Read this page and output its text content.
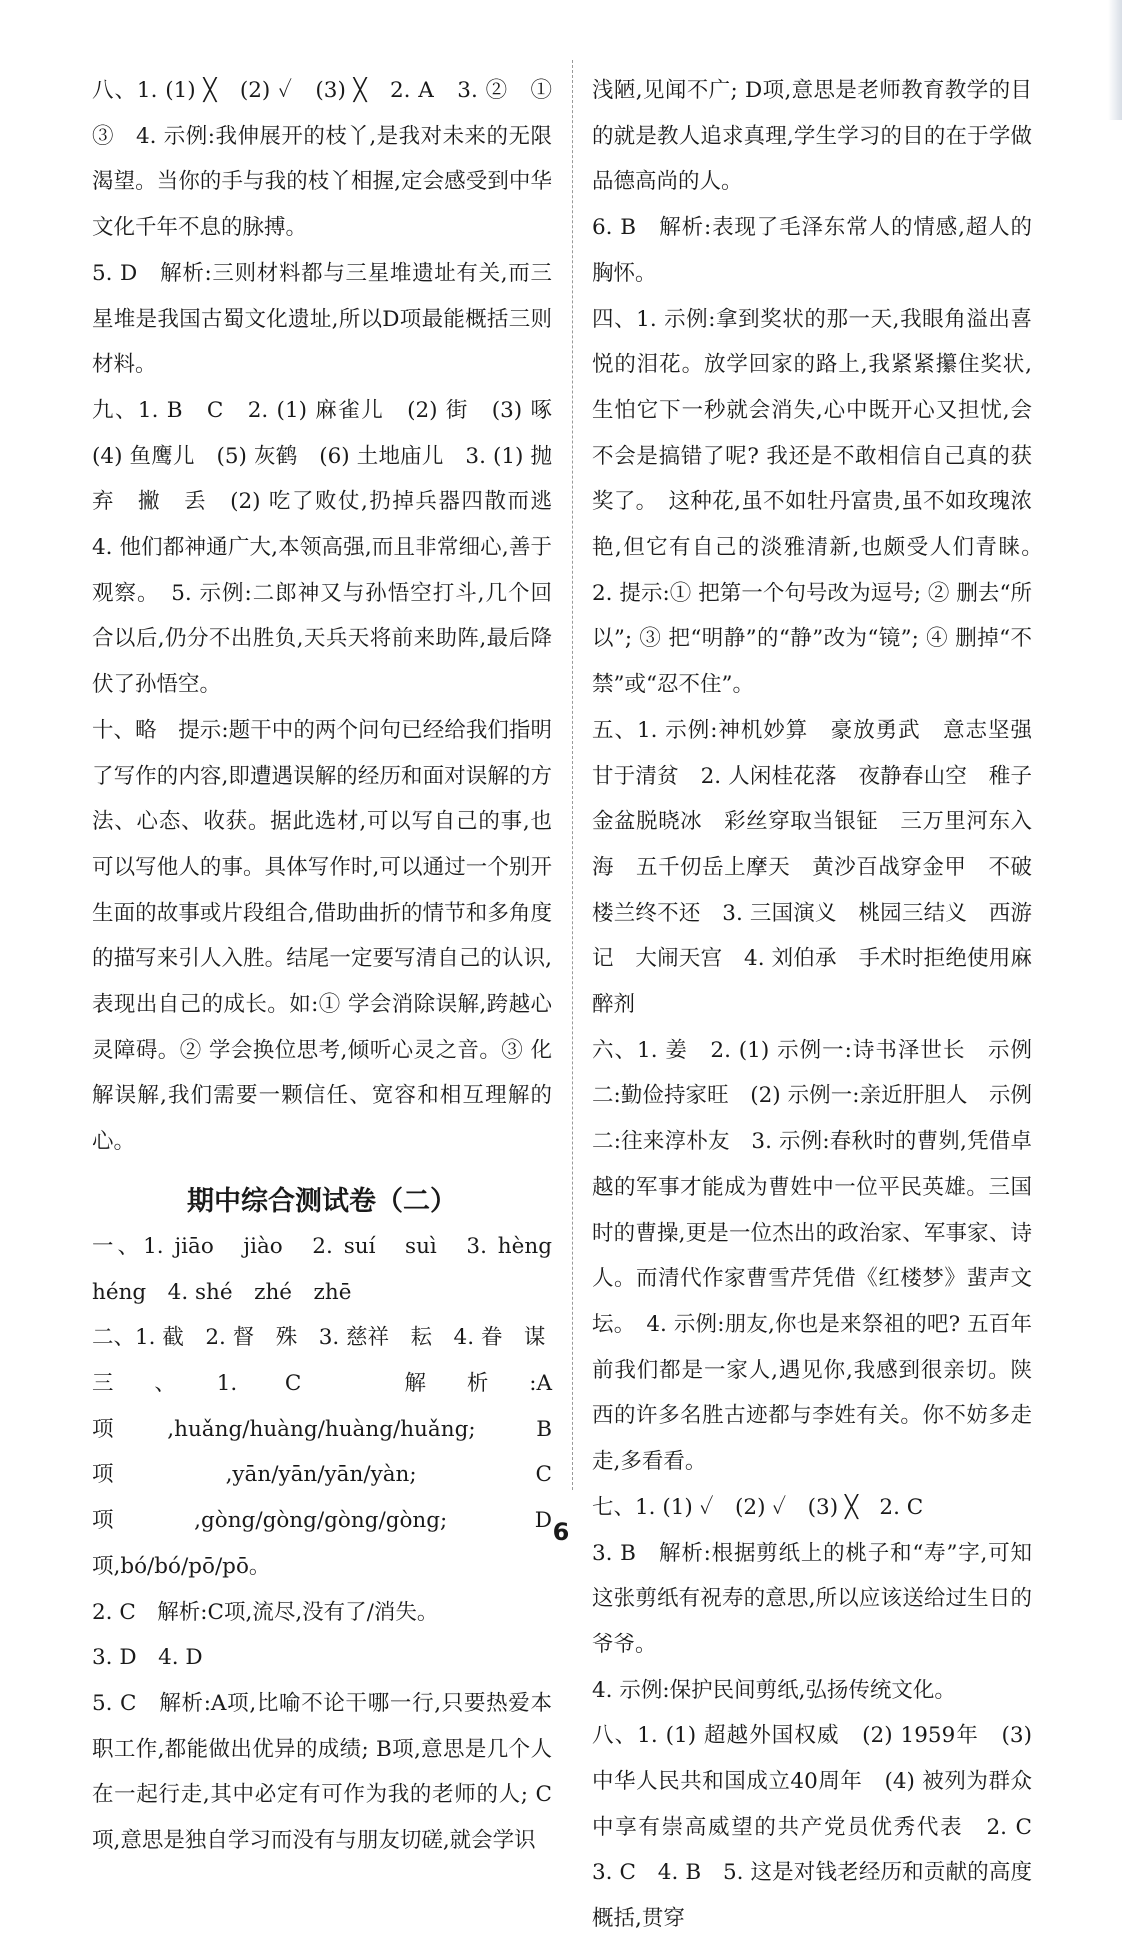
八、1. (1) ╳　(2) ✓　(3) ╳　2. A　3. ②　①　③　4. 示例:我伸展开的枝丫,是我对未来的无限渴望。当你的手与我的枝丫相握,定会感受到中华文化千年不息的脉搏。

5. D　解析:三则材料都与三星堆遗址有关,而三星堆是我国古蜀文化遗址,所以D项最能概括三则材料。

九、1. B　C　2. (1) 麻雀儿　(2) 街　(3) 啄　(4) 鱼鹰儿　(5) 灰鹤　(6) 土地庙儿　3. (1) 抛弃　撇　丢　(2) 吃了败仗,扔掉兵器四散而逃　4. 他们都神通广大,本领高强,而且非常细心,善于观察。　5. 示例:二郎神又与孙悟空打斗,几个回合以后,仍分不出胜负,天兵天将前来助阵,最后降伏了孙悟空。

十、略　提示:题干中的两个问句已经给我们指明了写作的内容,即遭遇误解的经历和面对误解的方法、心态、收获。据此选材,可以写自己的事,也可以写他人的事。具体写作时,可以通过一个别开生面的故事或片段组合,借助曲折的情节和多角度的描写来引人入胜。结尾一定要写清自己的认识,表现出自己的成长。如:① 学会消除误解,跨越心灵障碍。② 学会换位思考,倾听心灵之音。③ 化解误解,我们需要一颗信任、宽容和相互理解的心。

期中综合测试卷（二）

一、1. jiāo　jiào　2. suí　suì　3. hèng　héng　4. shé　zhé　zhē

二、1. 截　2. 督　殊　3. 慈祥　耘　4. 眷　谋

三、1. C　解析:A项,huǎng/huàng/huàng/huǎng; B项,yān/yān/yān/yàn; C项,gòng/gòng/gòng/gòng; D项,bó/bó/pō/pō。

2. C　解析:C项,流尽,没有了/消失。

3. D　4. D

5. C　解析:A项,比喻不论干哪一行,只要热爱本职工作,都能做出优异的成绩; B项,意思是几个人在一起行走,其中必定有可作为我的老师的人; C项,意思是独自学习而没有与朋友切磋,就会学识

浅陋,见闻不广; D项,意思是老师教育教学的目的就是教人追求真理,学生学习的目的在于学做品德高尚的人。

6. B　解析:表现了毛泽东常人的情感,超人的胸怀。

四、1. 示例:拿到奖状的那一天,我眼角溢出喜悦的泪花。放学回家的路上,我紧紧攥住奖状,生怕它下一秒就会消失,心中既开心又担忧,会不会是搞错了呢? 我还是不敢相信自己真的获奖了。　这种花,虽不如牡丹富贵,虽不如玫瑰浓艳,但它有自己的淡雅清新,也颇受人们青睐。　2. 提示:① 把第一个句号改为逗号; ② 删去“所以”; ③ 把“明静”的“静”改为“镜”; ④ 删掉“不禁”或“忍不住”。

五、1. 示例:神机妙算　豪放勇武　意志坚强　甘于清贫　2. 人闲桂花落　夜静春山空　稚子金盆脱晓冰　彩丝穿取当银钲　三万里河东入海　五千仞岳上摩天　黄沙百战穿金甲　不破楼兰终不还　3. 三国演义　桃园三结义　西游记　大闹天宫　4. 刘伯承　手术时拒绝使用麻醉剂

六、1. 姜　2. (1) 示例一:诗书泽世长　示例二:勤俭持家旺　(2) 示例一:亲近肝胆人　示例二:往来淳朴友　3. 示例:春秋时的曹刿,凭借卓越的军事才能成为曹姓中一位平民英雄。三国时的曹操,更是一位杰出的政治家、军事家、诗人。而清代作家曹雪芹凭借《红楼梦》蜚声文坛。　4. 示例:朋友,你也是来祭祖的吧? 五百年前我们都是一家人,遇见你,我感到很亲切。陕西的许多名胜古迹都与李姓有关。你不妨多走走,多看看。

七、1. (1) ✓　(2) ✓　(3) ╳　2. C

3. B　解析:根据剪纸上的桃子和“寿”字,可知这张剪纸有祝寿的意思,所以应该送给过生日的爷爷。

4. 示例:保护民间剪纸,弘扬传统文化。

八、1. (1) 超越外国权威　(2) 1959年　(3) 中华人民共和国成立40周年　(4) 被列为群众中享有崇高威望的共产党员优秀代表　2. C　3. C　4. B　5. 这是对钱老经历和贡献的高度概括,贯穿

6
